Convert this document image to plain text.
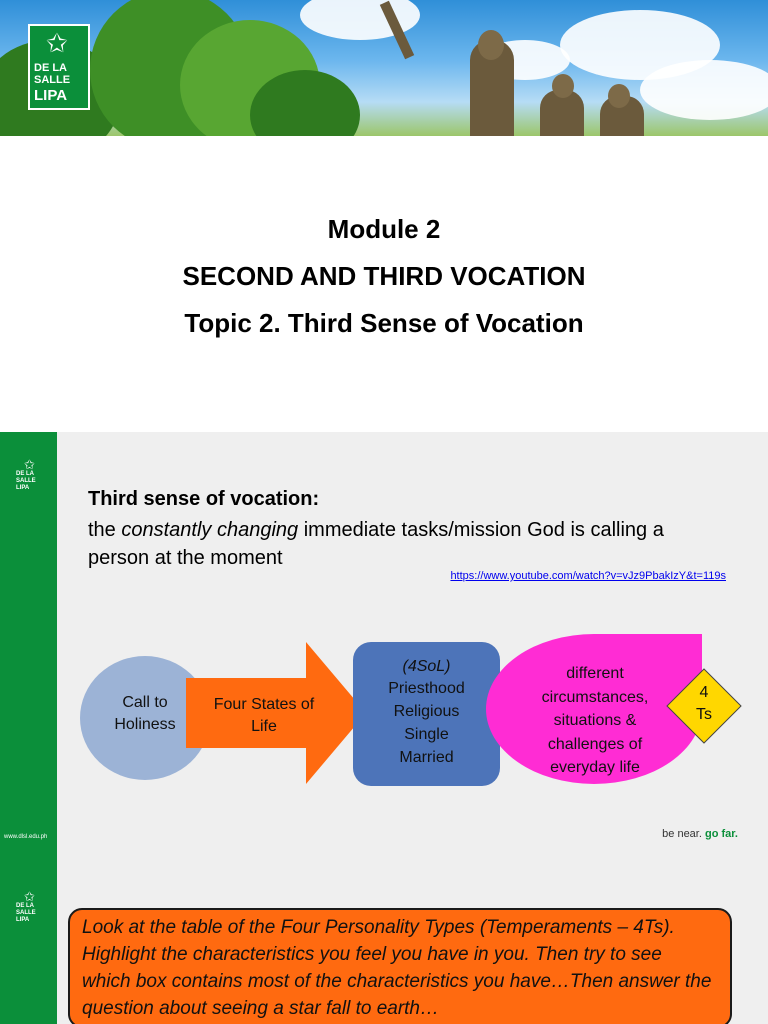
✩
DE LA
SALLE
LIPA
Module 2
SECOND AND THIRD VOCATION
Topic 2. Third Sense of Vocation
✩
DE LA
SALLE
LIPA
www.dlsl.edu.ph
Third sense of vocation:
the constantly changing immediate tasks/mission God is calling a person at the moment
https://www.youtube.com/watch?v=vJz9PbakIzY&t=119s
Call to
Holiness
Four States of
Life
(4SoL)
Priesthood
Religious
Single
Married
different
circumstances,
situations &
challenges of
everyday life
4
Ts
be near. go far.
✩
DE LA
SALLE
LIPA	Look at the table of the Four Personality Types (Temperaments – 4Ts). Highlight the characteristics you feel you have in you. Then try to see which box contains most of the characteristics you have…Then answer the question about seeing a star fall to earth…
